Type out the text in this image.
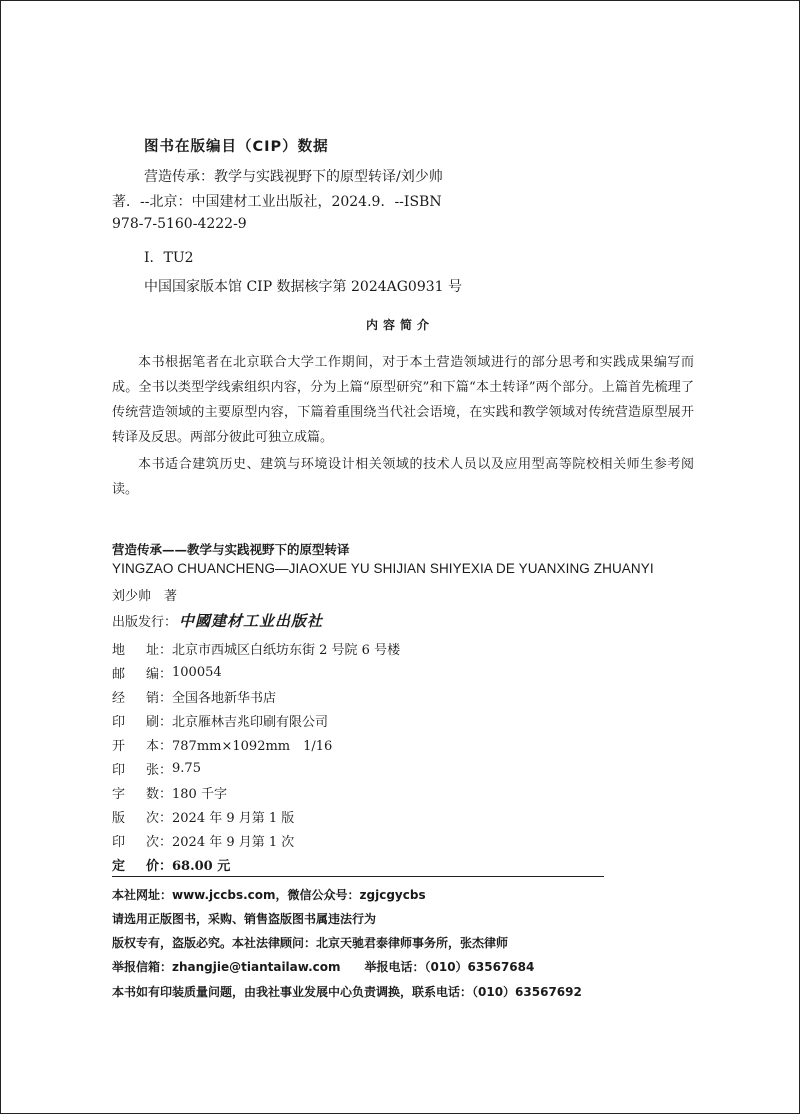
图书在版编目（CIP）数据
营造传承：教学与实践视野下的原型转译/刘少帅
著．--北京：中国建材工业出版社，2024.9．--ISBN
978-7-5160-4222-9
Ⅰ．TU2
中国国家版本馆 CIP 数据核字第 2024AG0931 号
内容简介

本书根据笔者在北京联合大学工作期间，对于本土营造领域进行的部分思考和实践成果编写而成。全书以类型学线索组织内容，分为上篇“原型研究”和下篇“本土转译”两个部分。上篇首先梳理了传统营造领域的主要原型内容，下篇着重围绕当代社会语境，在实践和教学领域对传统营造原型展开转译及反思。两部分彼此可独立成篇。

本书适合建筑历史、建筑与环境设计相关领域的技术人员以及应用型高等院校相关师生参考阅读。

营造传承——教学与实践视野下的原型转译
YINGZAO CHUANCHENG—JIAOXUE YU SHIJIAN SHIYEXIA DE YUANXING ZHUANYI
刘少帅　著
出版发行： 中國建材工业出版社
地 址 ： 北京市西城区白纸坊东街 2 号院 6 号楼
邮 编 ： 100054
经 销 ： 全国各地新华书店
印 刷 ： 北京雁林吉兆印刷有限公司
开 本 ： 787mm×1092mm　1/16
印 张 ： 9.75
字 数 ： 180 千字
版 次 ： 2024 年 9 月第 1 版
印 次 ： 2024 年 9 月第 1 次
定 价 ： 68.00 元
本社网址：www.jccbs.com，微信公众号：zgjcgycbs
请选用正版图书，采购、销售盗版图书属违法行为
版权专有，盗版必究。本社法律顾问：北京天驰君泰律师事务所，张杰律师
举报信箱：zhangjie@tiantailaw.com　　举报电话：（010）63567684
本书如有印装质量问题，由我社事业发展中心负责调换，联系电话：（010）63567692
